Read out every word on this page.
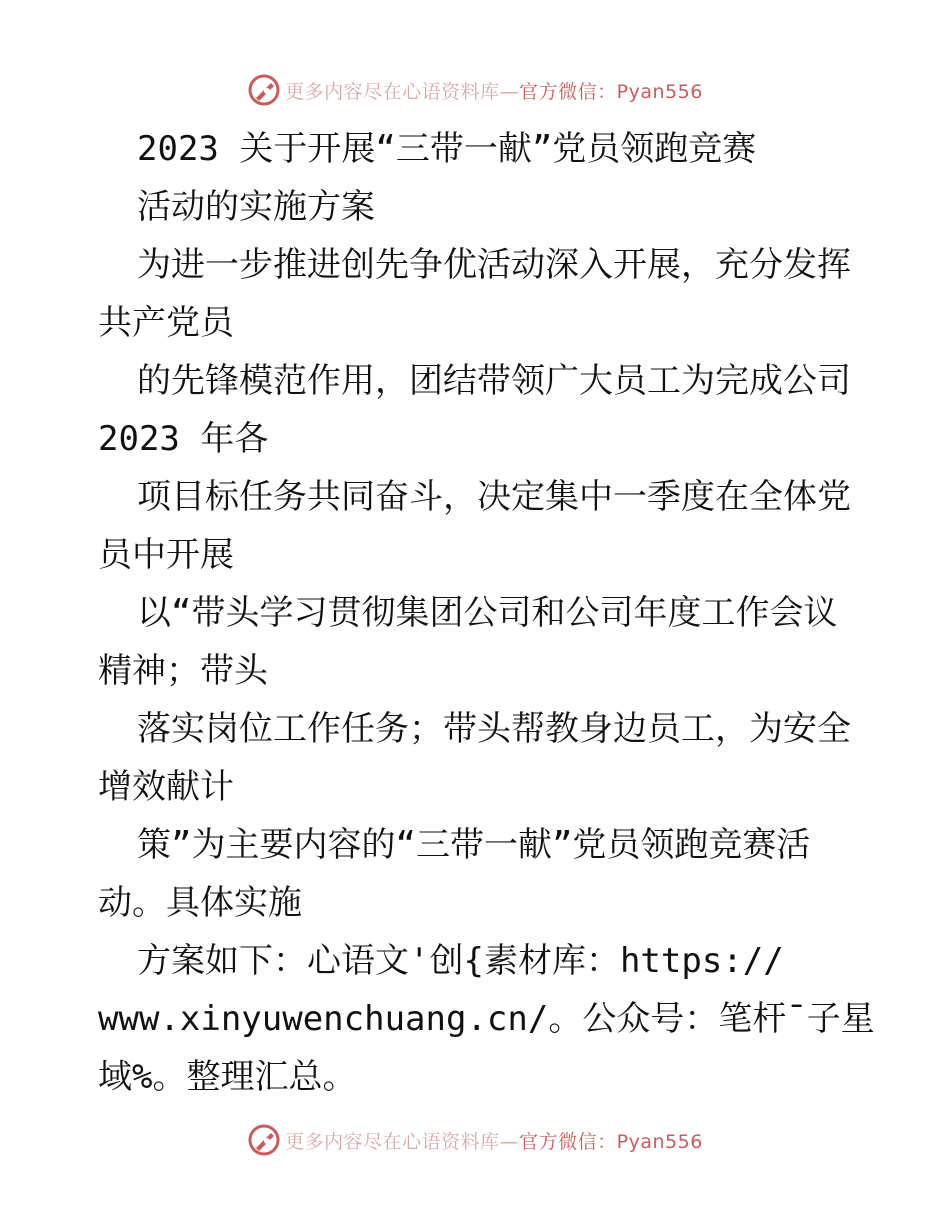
更多内容尽在心语资料库—官方微信：Pyan556
2023 关于开展“三带一献”党员领跑竞赛
活动的实施方案
为进一步推进创先争优活动深入开展，充分发挥
共产党员
的先锋模范作用，团结带领广大员工为完成公司
2023 年各
项目标任务共同奋斗，决定集中一季度在全体党
员中开展
以“带头学习贯彻集团公司和公司年度工作会议
精神；带头
落实岗位工作任务；带头帮教身边员工，为安全
增效献计
策”为主要内容的“三带一献”党员领跑竞赛活
动。具体实施
方案如下：心语文'创{素材库：https://
www.xinyuwenchuang.cn/。公众号：笔杆¯子星
域%。整理汇总。
更多内容尽在心语资料库—官方微信：Pyan556
